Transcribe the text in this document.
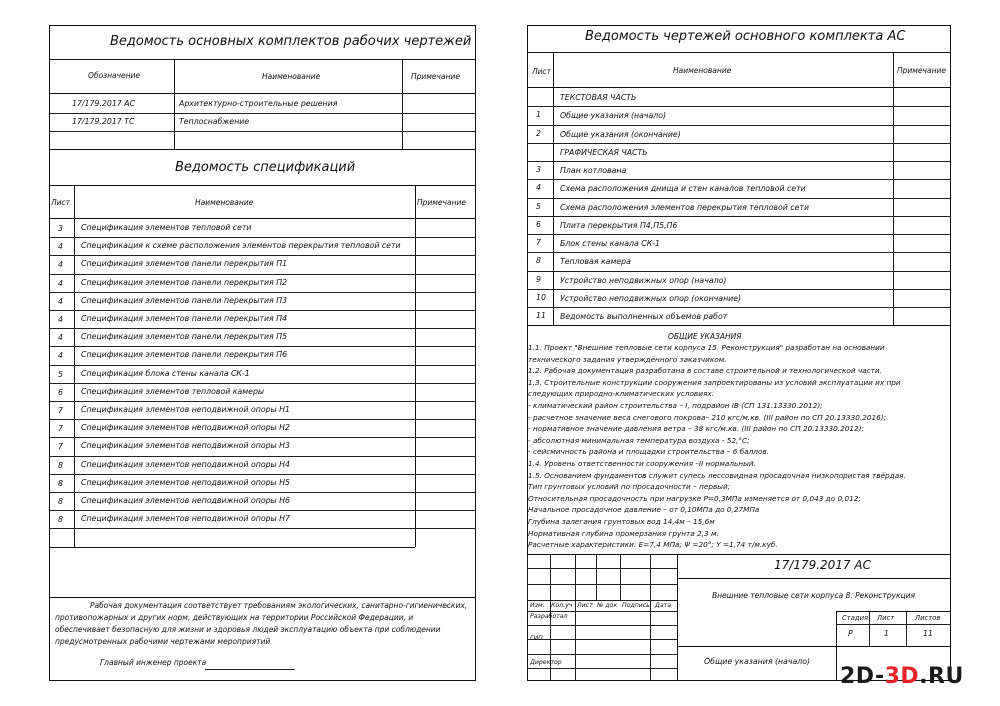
Ведомость основных комплектов рабочих чертежей
Обозначение	Наименование	Примечание
17/179.2017 АС	Архитектурно-строительные решения
17/179.2017 ТС	Теплоснабжение
Ведомость спецификаций
Лист	Наименование	Примечание
3 Спецификация элементов тепловой сети
4 Спецификация к схеме расположения элементов перекрытия тепловой сети
4 Спецификация элементов панели перекрытия П1
4 Спецификация элементов панели перекрытия П2
4 Спецификация элементов панели перекрытия П3
4 Спецификация элементов панели перекрытия П4
4 Спецификация элементов панели перекрытия П5
4 Спецификация элементов панели перекрытия П6
5 Спецификация блока стены канала СК-1
6 Спецификация элементов тепловой камеры
7 Спецификация элементов неподвижной опоры Н1
7 Спецификация элементов неподвижной опоры Н2
7 Спецификация элементов неподвижной опоры Н3
8 Спецификация элементов неподвижной опоры Н4
8 Спецификация элементов неподвижной опоры Н5
8 Спецификация элементов неподвижной опоры Н6
8 Спецификация элементов неподвижной опоры Н7
Рабочая документация соответствует требованиям экологических, санитарно-гигиенических,
противопожарных и других норм, действующих на территории Российской Федерации, и
обеспечивает безопасную для жизни и здоровья людей эксплуатацию объекта при соблюдении
предусмотренных рабочими чертежами мероприятий
Главный инженер проекта
Ведомость чертежей основного комплекта АС
Лист	Наименование	Примечание
ТЕКСТОВАЯ ЧАСТЬ
1 Общие указания (начало)
2 Общие указания (окончание)
ГРАФИЧЕСКАЯ ЧАСТЬ
3 План котлована
4 Схема расположения днища и стен каналов тепловой сети
5 Схема расположения элементов перекрытия тепловой сети
6 Плита перекрытия П4,П5,П6
7 Блок стены канала СК-1
8 Тепловая камера
9 Устройство неподвижных опор (начало)
10 Устройство неподвижных опор (окончание)
11 Ведомость выполненных объемов работ
ОБЩИЕ УКАЗАНИЯ
1.1. Проект "Внешние тепловые сети корпуса 15. Реконструкция" разработан на основании
технического задания утверждённого заказчиком.
1.2. Рабочая документация разработана в составе строительной и технологической части.
1.3. Строительные конструкции сооружения запроектированы из условий эксплуатации их при
следующих природно-климатических условиях:
- климатический район строительства – I, подрайон IВ (СП 131.13330.2012);
- расчетное значение веса снегового покрова– 210 кгс/м.кв. (III район по СП 20.13330.2016);
- нормативное значение давления ветра – 38 кгс/м.кв. (III район по СП 20.13330.2012);
- абсолютная минимальная температура воздуха - 52,°С;
- сейсмичность района и площадки строительства – 6 баллов.
1.4. Уровень ответственности сооружения –II нормальный.
1.5. Основанием фундаментов служит супесь лессовидная просадочная низкопористая твёрдая.
Тип грунтовых условий по просадочности – первый;
Относительная просадочность при нагрузке Р=0,3МПа изменяется от 0,043 до 0,012;
Начальное просадочное давление – от 0,10МПа до 0,27МПа
Глубина залегания грунтовых вод 14,4м – 15,6м
Нормативная глубина промерзания грунта 2,3 м.
Расчетные характеристики: Е=7,4 МПа; Ψ =20°; Υ =1,74 т/м.куб.
Изм. Кол.уч Лист № док Подпись Дата
Разработал
ГИП
Директор
17/179.2017 АС
Внешние тепловые сети корпуса 8. Реконструкция
Стадия Лист	Листов
Р	1	11
Общие указания (начало)
2D-3D.RU
